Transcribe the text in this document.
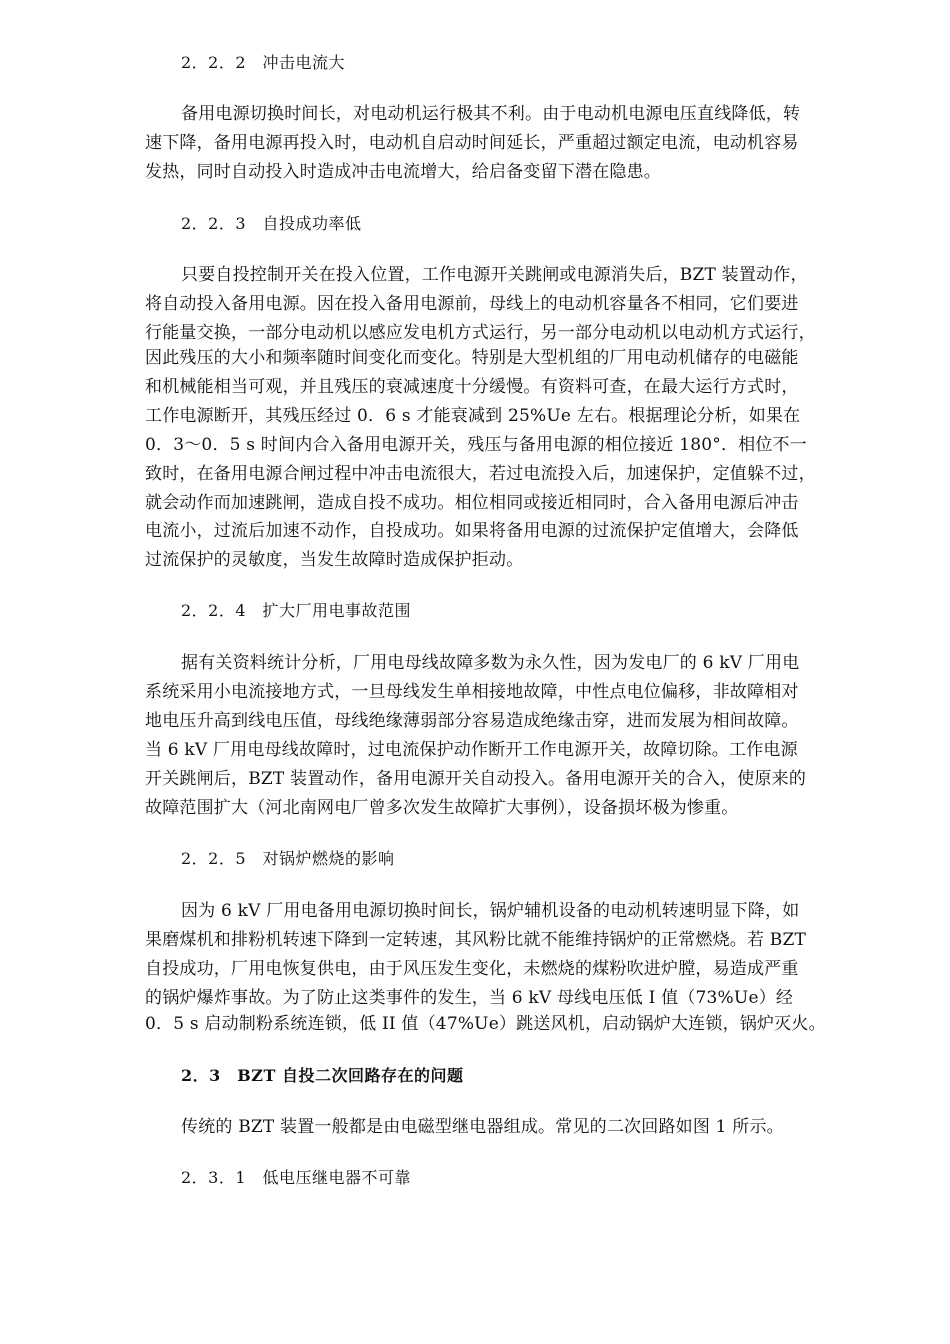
2．2．2　冲击电流大
备用电源切换时间长，对电动机运行极其不利。由于电动机电源电压直线降低，转
速下降，备用电源再投入时，电动机自启动时间延长，严重超过额定电流，电动机容易
发热，同时自动投入时造成冲击电流增大，给启备变留下潜在隐患。
2．2．3　自投成功率低
只要自投控制开关在投入位置，工作电源开关跳闸或电源消失后，BZT 装置动作，
将自动投入备用电源。因在投入备用电源前，母线上的电动机容量各不相同，它们要进
行能量交换，一部分电动机以感应发电机方式运行，另一部分电动机以电动机方式运行，
因此残压的大小和频率随时间变化而变化。特别是大型机组的厂用电动机储存的电磁能
和机械能相当可观，并且残压的衰减速度十分缓慢。有资料可查，在最大运行方式时，
工作电源断开，其残压经过 0．6 s 才能衰减到 25%Ue 左右。根据理论分析，如果在
0．3～0．5 s 时间内合入备用电源开关，残压与备用电源的相位接近 180°．相位不一
致时，在备用电源合闸过程中冲击电流很大，若过电流投入后，加速保护，定值躲不过，
就会动作而加速跳闸，造成自投不成功。相位相同或接近相同时，合入备用电源后冲击
电流小，过流后加速不动作，自投成功。如果将备用电源的过流保护定值增大，会降低
过流保护的灵敏度，当发生故障时造成保护拒动。
2．2．4　扩大厂用电事故范围
据有关资料统计分析，厂用电母线故障多数为永久性，因为发电厂的 6 kV 厂用电
系统采用小电流接地方式，一旦母线发生单相接地故障，中性点电位偏移，非故障相对
地电压升高到线电压值，母线绝缘薄弱部分容易造成绝缘击穿，进而发展为相间故障。
当 6 kV 厂用电母线故障时，过电流保护动作断开工作电源开关，故障切除。工作电源
开关跳闸后，BZT 装置动作，备用电源开关自动投入。备用电源开关的合入，使原来的
故障范围扩大（河北南网电厂曾多次发生故障扩大事例），设备损坏极为惨重。
2．2．5　对锅炉燃烧的影响
因为 6 kV 厂用电备用电源切换时间长，锅炉辅机设备的电动机转速明显下降，如
果磨煤机和排粉机转速下降到一定转速，其风粉比就不能维持锅炉的正常燃烧。若 BZT
自投成功，厂用电恢复供电，由于风压发生变化，未燃烧的煤粉吹进炉膛，易造成严重
的锅炉爆炸事故。为了防止这类事件的发生，当 6 kV 母线电压低 I 值（73%Ue）经
0．5 s 启动制粉系统连锁，低 II 值（47%Ue）跳送风机，启动锅炉大连锁，锅炉灭火。
2．3　BZT 自投二次回路存在的问题
传统的 BZT 装置一般都是由电磁型继电器组成。常见的二次回路如图 1 所示。
2．3．1　低电压继电器不可靠
